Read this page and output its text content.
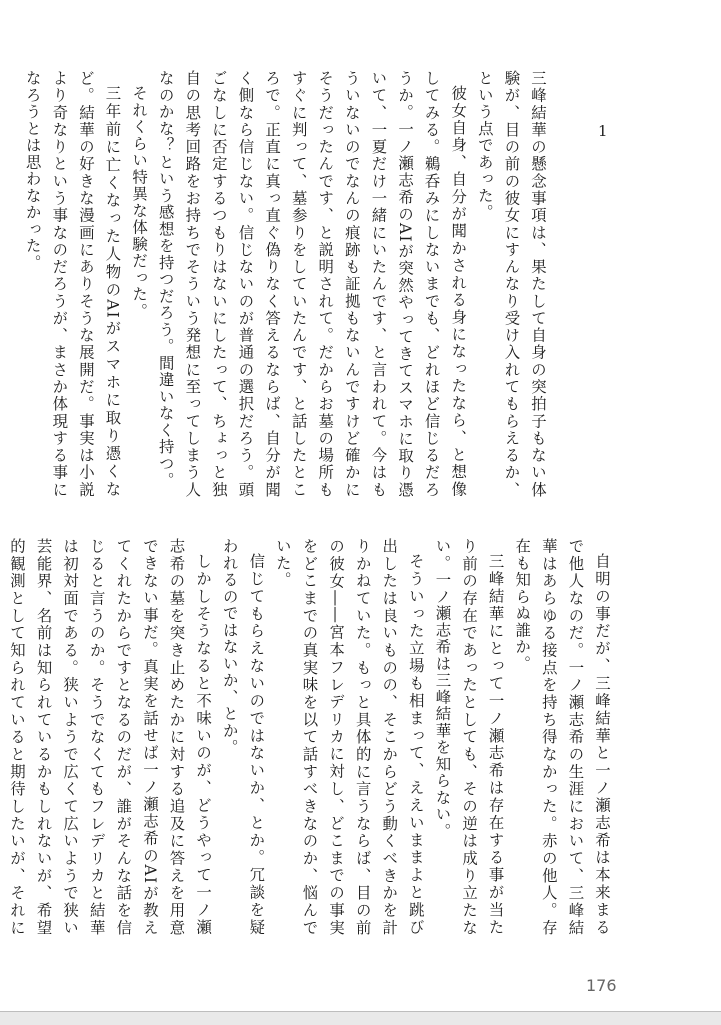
1

三峰結華の懸念事項は、果たして自身の突拍子もない体験が、目の前の彼女にすんなり受け入れてもらえるか、という点であった。

彼女自身、自分が聞かされる身になったなら、と想像してみる。鵜呑みにしないまでも、どれほど信じるだろうか。一ノ瀬志希のAIが突然やってきてスマホに取り憑いて、一夏だけ一緒にいたんです、と言われて。今はもういないのでなんの痕跡も証拠もないんですけど確かにそうだったんです、と説明されて。だからお墓の場所もすぐに判って、墓参りをしていたんです、と話したところで。正直に真っ直ぐ偽りなく答えるならば、自分が聞く側なら信じない。信じないのが普通の選択だろう。頭ごなしに否定するつもりはないにしたって、ちょっと独自の思考回路をお持ちでそういう発想に至ってしまう人なのかな？という感想を持つだろう。間違いなく持つ。

それくらい特異な体験だった。

三年前に亡くなった人物のAIがスマホに取り憑くなど。結華の好きな漫画にありそうな展開だ。事実は小説より奇なりという事なのだろうが、まさか体現する事になろうとは思わなかった。

自明の事だが、三峰結華と一ノ瀬志希は本来まるで他人なのだ。一ノ瀬志希の生涯において、三峰結華はあらゆる接点を持ち得なかった。赤の他人。存在も知らぬ誰か。

三峰結華にとって一ノ瀬志希は存在する事が当たり前の存在であったとしても、その逆は成り立たない。一ノ瀬志希は三峰結華を知らない。

そういった立場も相まって、ええいままよと跳び出したは良いものの、そこからどう動くべきかを計りかねていた。もっと具体的に言うならば、目の前の彼女――宮本フレデリカに対し、どこまでの事実をどこまでの真実味を以て話すべきなのか、悩んでいた。

信じてもらえないのではないか、とか。冗談を疑われるのではないか、とか。

しかしそうなると不味いのが、どうやって一ノ瀬志希の墓を突き止めたかに対する追及に答えを用意できない事だ。真実を話せば一ノ瀬志希のAIが教えてくれたからですとなるのだが、誰がそんな話を信じると言うのか。そうでなくてもフレデリカと結華は初対面である。狭いようで広くて広いようで狭い芸能界、名前は知られているかもしれないが、希望的観測として知られていると期待したいが、それに

176
